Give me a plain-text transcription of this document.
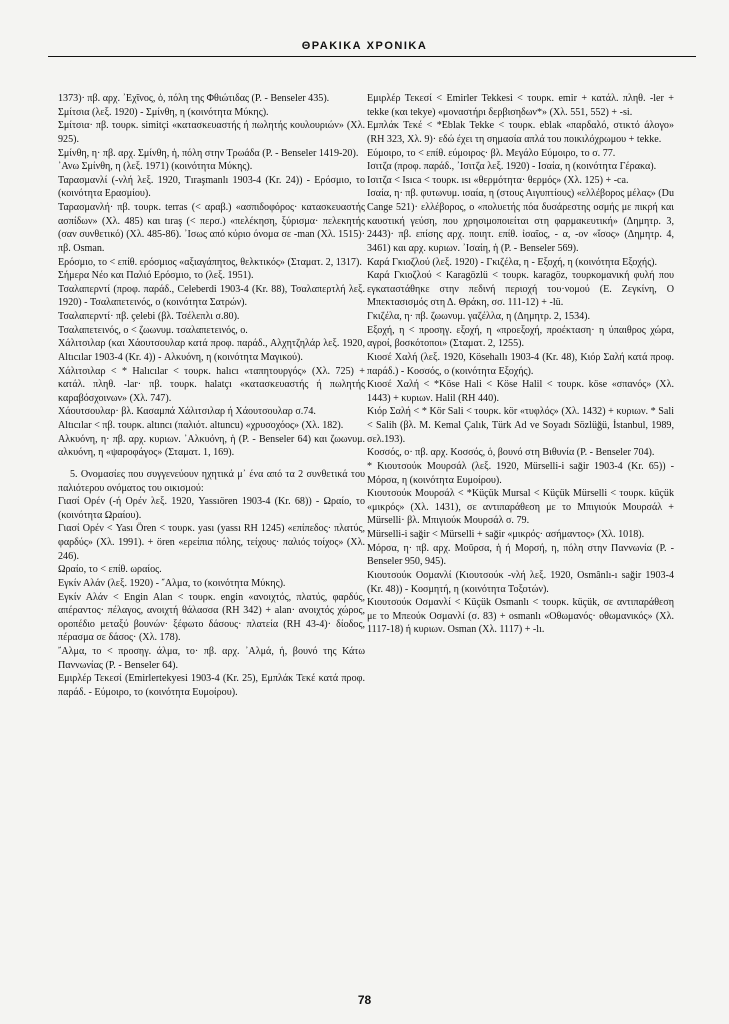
ΘΡΑΚΙΚΑ ΧΡΟΝΙΚΑ

1373)· πβ. αρχ. ᾿Εχῖνος, ὁ, πόλη της Φθιώτιδας (Ρ. - Benseler 435).

Σμίτσια (λεξ. 1920) - Σμίνθη, η (κοινότητα Μύκης).

Σμίτσια· πβ. τουρκ. simitçi «κατασκευαστής ή πωλητής κουλουριών» (Χλ. 925).

Σμίνθη, η· πβ. αρχ. Σμίνθη, ἡ, πόλη στην Τρωάδα (Ρ. - Benseler 1419-20).

᾿Ανω Σμίνθη, η (λεξ. 1971) (κοινότητα Μύκης).

Ταρασμανλί (-νλή λεξ. 1920, Tıraşmanlı 1903-4 (Kr. 24)) - Ερόσμιο, το (κοινότητα Ερασμίου).

Ταρασμανλή· πβ. τουρκ. terras (< αραβ.) «ασπιδοφόρος· κατασκευαστής ασπίδων» (Χλ. 485) και tıraş (< περσ.) «πελέκηση, ξύρισμα· πελεκητής (σαν συνθετικό) (Χλ. 485-86). ᾿Ισως από κύριο όνομα σε -man (Χλ. 1515)· πβ. Osman.

Ερόσμιο, το < επίθ. ερόσμιος «αξιαγάπητος, θελκτικός» (Σταματ. 2, 1317).

Σήμερα Νέο και Παλιό Ερόσμιο, το (λεξ. 1951).

Τσαλαπερντί (προφ. παράδ., Celeberdi 1903-4 (Kr. 88), Τσαλαπερτλή λεξ. 1920) - Τσαλαπετεινός, ο (κοινότητα Σατρών).

Τσαλαπερντί· πβ. çelebi (βλ. Τσέλεπλι σ.80).

Τσαλαπετεινός, ο < ζωωνυμ. τσαλαπετεινός, ο.

Χάλιτσιλαρ (και Χάουτσουλαρ κατά προφ. παράδ., Αλχητζηλάρ λεξ. 1920, Altıcılar 1903-4 (Kr. 4)) - Αλκυόνη, η (κοινότητα Μαγικού).

Χάλιτσιλαρ < * Halıcılar < τουρκ. halıcı «ταπητουργός» (Χλ. 725) + κατάλ. πληθ. -lar· πβ. τουρκ. halatçı «κατασκευαστής ή πωλητής καραβόσχοινων» (Χλ. 747).

Χάουτσουλαρ· βλ. Κασαμπά Χάλιτσιλαρ ή Χάουτσουλαρ σ.74.

Altıcılar < πβ. τουρκ. altıncı (παλιότ. altuncu) «χρυσοχόος» (Χλ. 182).

Αλκυόνη, η· πβ. αρχ. κυριων. ᾿Αλκυόνη, ἡ (Ρ. - Benseler 64) και ζωωνυμ. αλκυόνη, η «ψαροφάγος» (Σταματ. 1, 169).

5. Ονομασίες που συγγενεύουν ηχητικά μ᾿ ένα από τα 2 συνθετικά του παλιότερου ονόματος του οικισμού:

Γιασί Ορέν (-ή Ορέν λεξ. 1920, Yassıören 1903-4 (Kr. 68)) - Ωραίο, το (κοινότητα Ωραίου).

Γιασί Ορέν < Yası Ören < τουρκ. yası (yassı RH 1245) «επίπεδος· πλατύς, φαρδύς» (Χλ. 1991). + ören «ερείπια πόλης, τείχους· παλιός τοίχος» (Χλ. 246).

Ωραίο, το < επίθ. ωραίος.

Εγκίν Αλάν (λεξ. 1920) - ῎Αλμα, το (κοινότητα Μύκης).

Εγκίν Αλάν < Engin Alan < τουρκ. engin «ανοιχτός, πλατύς, φαρδύς, απέραντος· πέλαγος, ανοιχτή θάλασσα (RH 342) + alan· ανοιχτός χώρος, οροπέδιο μεταξύ βουνών· ξέφωτο δάσους· πλατεία (RH 43-4)· δίοδος, πέρασμα σε δάσος· (Χλ. 178).

῎Αλμα, το < προσηγ. άλμα, το· πβ. αρχ. ᾿Αλμά, ἡ, βουνό της Κάτω Παννωνίας (Ρ. - Benseler 64).

Εμιρλέρ Τεκεσί (Emirlertekyesi 1903-4 (Kr. 25), Εμπλάκ Τεκέ κατά προφ. παράδ. - Εύμοιρο, το (κοινότητα Ευμοίρου).

Εμιρλέρ Τεκεσί < Emirler Tekkesi < τουρκ. emir + κατάλ. πληθ. -ler + tekke (και tekye) «μοναστήρι δερβισηδων*» (Χλ. 551, 552) + -si.

Εμπλάκ Τεκέ < *Eblak Tekke < τουρκ. eblak «παρδαλό, στικτό άλογο» (RH 323, Χλ. 9)· εδώ έχει τη σημασία απλά του ποικιλόχρωμου + tekke.

Εύμοιρο, το < επίθ. εύμοιρος· βλ. Μεγάλο Εύμοιρο, το σ. 77.

Ισιτζα (προφ. παράδ., ᾿Ισιτζα λεξ. 1920) - Ισαία, η (κοινότητα Γέρακα).

Ισιτζα < Isıca < τουρκ. ısı «θερμότητα· θερμός» (Χλ. 125) + -ca.

Ισαία, η· πβ. φυτωνυμ. ισαία, η (στους Αιγυπτίους) «ελλέβορος μέλας» (Du Cange 521)· ελλέβορος, ο «πολυετής πόα δυσάρεστης οσμής με πικρή και καυστική γεύση, που χρησιμοποιείται στη φαρμακευτική» (Δημητρ. 3, 2443)· πβ. επίσης αρχ. ποιητ. επίθ. ἰσαῖος, - α, -ον «ἴσος» (Δημητρ. 4, 3461) και αρχ. κυριων. ᾿Ισαίη, ἡ (Ρ. - Benseler 569).

Καρά Γκιοζλού (λεξ. 1920) - Γκιζέλα, η - Εξοχή, η (κοινότητα Εξοχής).

Καρά Γκιοζλού < Karagözlü < τουρκ. karagöz, τουρκομανική φυλή που εγκαταστάθηκε στην πεδινή περιοχή του·νομού (Ε. Ζεγκίνη, Ο Μπεκτασισμός στη Δ. Θράκη, σσ. 111-12) + -lü.

Γκιζέλα, η· πβ. ζωωνυμ. γαζέλλα, η (Δημητρ. 2, 1534).

Εξοχή, η < προσηγ. εξοχή, η «προεξοχή, προέκταση· η ύπαιθρος χώρα, αγροί, βοσκότοποι» (Σταματ. 2, 1255).

Κιοσέ Χαλή (λεξ. 1920, Kösehallı 1903-4 (Kr. 48), Κιόρ Σαλή κατά προφ. παράδ.) - Κοσσός, ο (κοινότητα Εξοχής).

Κιοσέ Χαλή < *Köse Hali < Köse Halil < τουρκ. köse «σπανός» (Χλ. 1443) + κυριων. Halil (RH 440).

Κιόρ Σαλή < * Kör Sali < τουρκ. kör «τυφλός» (Χλ. 1432) + κυριων. * Sali < Salih (βλ. M. Kemal Çalık, Türk Ad ve Soyadı Sözlüğü, İstanbul, 1989, σελ.193).

Κοσσός, ο· πβ. αρχ. Κοσσός, ὁ, βουνό στη Βιθυνία (Ρ. - Benseler 704).

* Κιουτσούκ Μουρσάλ (λεξ. 1920, Mürselli-i sağir 1903-4 (Kr. 65)) - Μόρσα, η (κοινότητα Ευμοίρου).

Κιουτσούκ Μουρσάλ < *Küçük Mursal < Küçük Mürselli < τουρκ. küçük «μικρός» (Χλ. 1431), σε αντιπαράθεση με το Μπιγιούκ Μουρσάλ + Mürselli· βλ. Μπιγιούκ Μουρσάλ σ. 79.

Mürselli-i sağir < Mürselli + sağir «μικρός· ασήμαντος» (Χλ. 1018).

Μόρσα, η· πβ. αρχ. Μοῦρσα, ἡ ή Μορσή, η, πόλη στην Παννωνία (Ρ. - Benseler 950, 945).

Κιουτσούκ Οσμανλί (Κιουτσούκ -νλή λεξ. 1920, Osmânlı-ı sağir 1903-4 (Kr. 48)) - Κοσμητή, η (κοινότητα Τοξοτών).

Κιουτσούκ Οσμανλί < Küçük Osmanlı < τουρκ. küçük, σε αντιπαράθεση με το Μπεούκ Οσμανλί (σ. 83) + osmanlı «Οθωμανός· οθωμανικός» (Χλ. 1117-18) ή κυριων. Osman (Χλ. 1117) + -lı.

78
